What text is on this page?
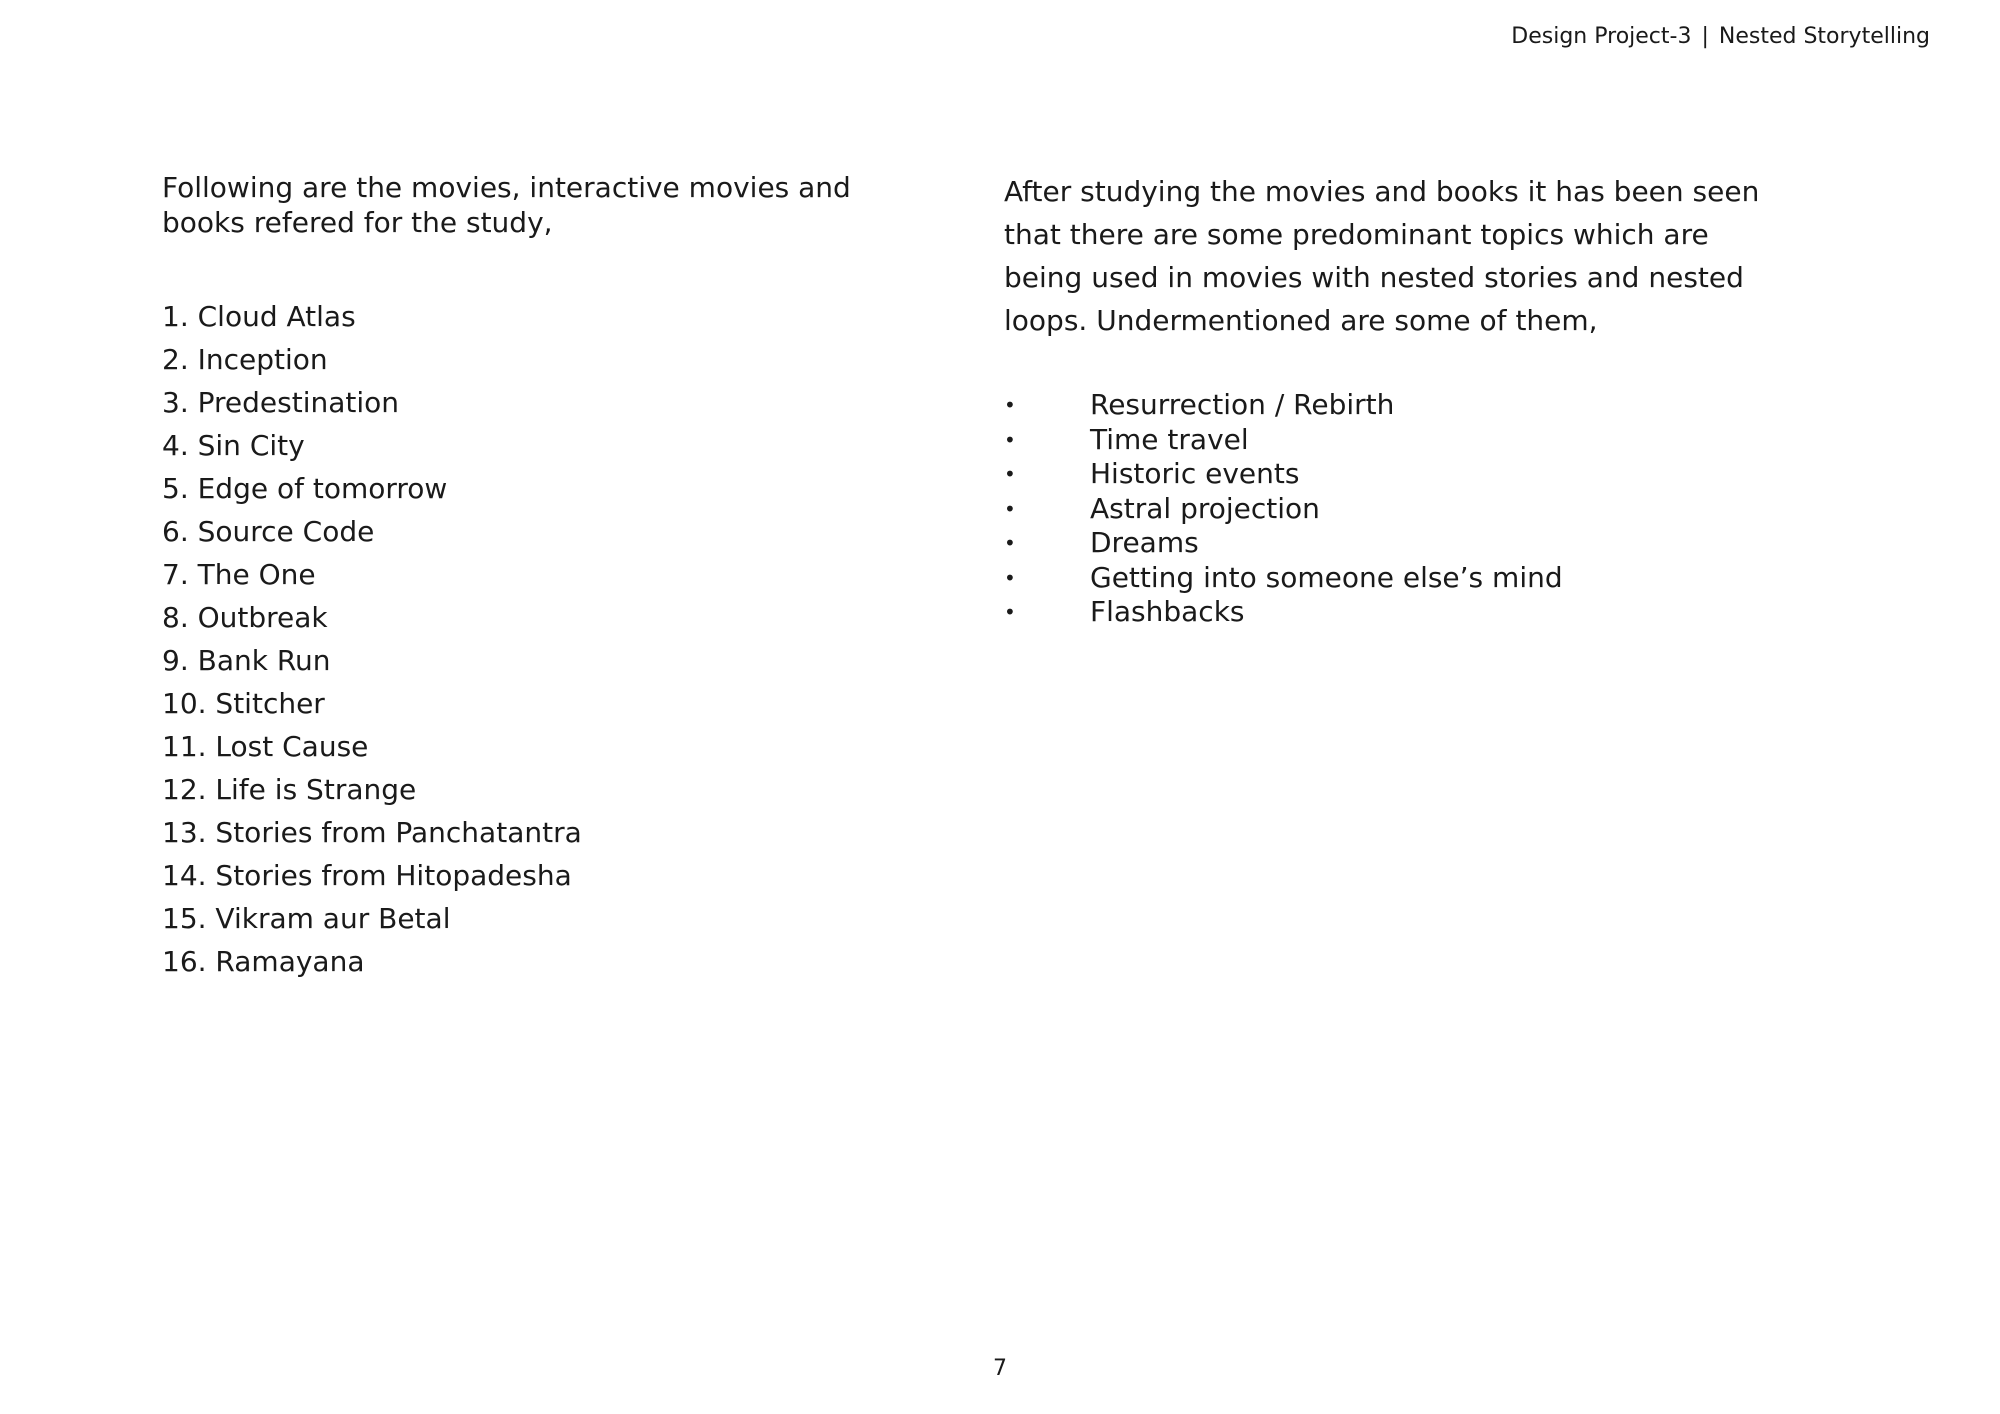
Design Project-3 | Nested Storytelling

Following are the movies, interactive movies and books refered for the study,

1. Cloud Atlas
2. Inception
3. Predestination
4. Sin City
5. Edge of tomorrow
6. Source Code
7. The One
8. Outbreak
9. Bank Run
10. Stitcher
11. Lost Cause
12. Life is Strange
13. Stories from Panchatantra
14. Stories from Hitopadesha
15. Vikram aur Betal
16. Ramayana

After studying the movies and books it has been seen that there are some predominant topics which are being used in movies with nested stories and nested loops. Undermentioned are some of them,

•	Resurrection / Rebirth
•	Time travel
•	Historic events
•	Astral projection
•	Dreams
•	Getting into someone else’s mind
•	Flashbacks
7
